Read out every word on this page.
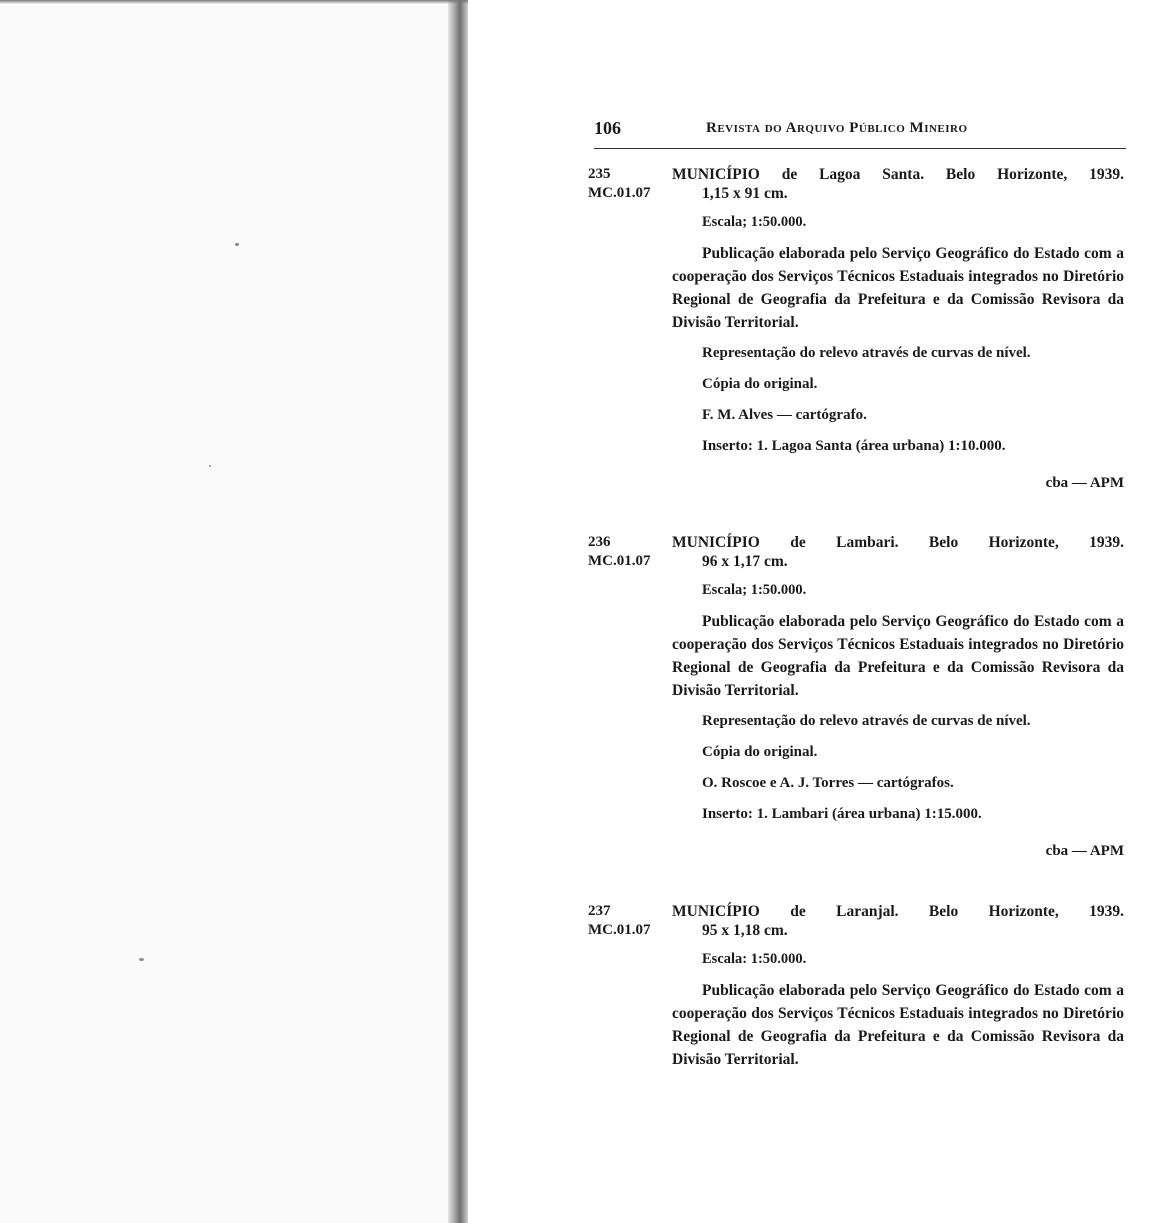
106	Revista do Arquivo Público Mineiro
235
MC.01.07

MUNICÍPIO de Lagoa Santa. Belo Horizonte, 1939.

1,15 x 91 cm.

Escala; 1:50.000.

Publicação elaborada pelo Serviço Geográfico do Estado com a cooperação dos Serviços Técnicos Estaduais integrados no Diretório Regional de Geografia da Prefeitura e da Comissão Revisora da Divisão Territorial.

Representação do relevo através de curvas de nível.

Cópia do original.

F. M. Alves — cartógrafo.

Inserto: 1. Lagoa Santa (área urbana) 1:10.000.

cba — APM

236
MC.01.07

MUNICÍPIO de Lambari. Belo Horizonte, 1939.

96 x 1,17 cm.

Escala; 1:50.000.

Publicação elaborada pelo Serviço Geográfico do Estado com a cooperação dos Serviços Técnicos Estaduais integrados no Diretório Regional de Geografia da Prefeitura e da Comissão Revisora da Divisão Territorial.

Representação do relevo através de curvas de nível.

Cópia do original.

O. Roscoe e A. J. Torres — cartógrafos.

Inserto: 1. Lambari (área urbana) 1:15.000.

cba — APM

237
MC.01.07

MUNICÍPIO de Laranjal. Belo Horizonte, 1939.

95 x 1,18 cm.

Escala: 1:50.000.

Publicação elaborada pelo Serviço Geográfico do Estado com a cooperação dos Serviços Técnicos Estaduais integrados no Diretório Regional de Geografia da Prefeitura e da Comissão Revisora da Divisão Territorial.
